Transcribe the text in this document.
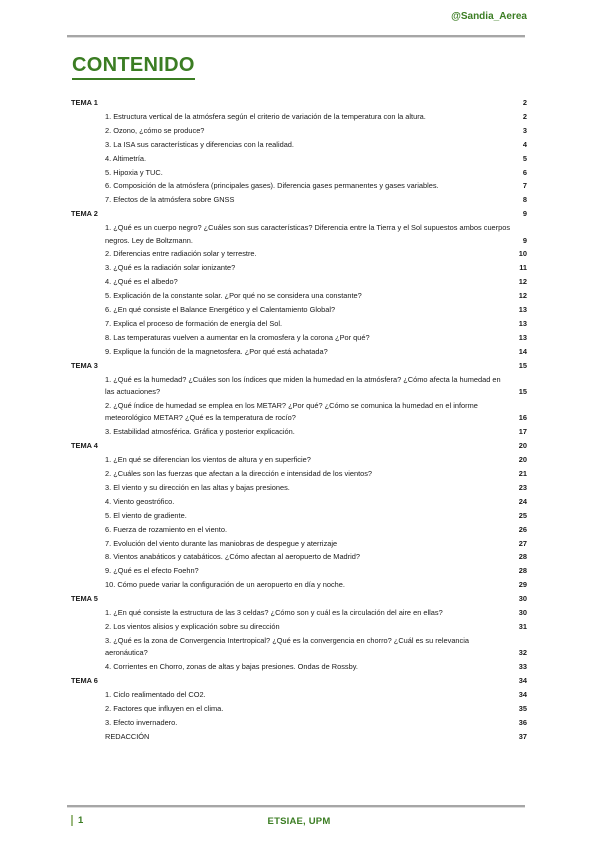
@Sandia_Aerea
CONTENIDO
TEMA 1	2
1. Estructura vertical de la atmósfera según el criterio de variación de la temperatura con la altura.	2
2. Ozono, ¿cómo se produce?	3
3. La ISA sus características y diferencias con la realidad.	4
4. Altimetría.	5
5. Hipoxia y TUC.	6
6. Composición de la atmósfera (principales gases). Diferencia gases permanentes y gases variables.	7
7. Efectos de la atmósfera sobre GNSS	8
TEMA 2	9
1. ¿Qué es un cuerpo negro? ¿Cuáles son sus características? Diferencia entre la Tierra y el Sol supuestos ambos cuerpos negros. Ley de Boltzmann.	9
2. Diferencias entre radiación solar y terrestre.	10
3. ¿Qué es la radiación solar ionizante?	11
4. ¿Qué es el albedo?	12
5. Explicación de la constante solar. ¿Por qué no se considera una constante?	12
6. ¿En qué consiste el Balance Energético y el Calentamiento Global?	13
7. Explica el proceso de formación de energía del Sol.	13
8. Las temperaturas vuelven a aumentar en la cromosfera y la corona ¿Por qué?	13
9. Explique la función de la magnetosfera. ¿Por qué está achatada?	14
TEMA 3	15
1. ¿Qué es la humedad? ¿Cuáles son los índices que miden la humedad en la atmósfera? ¿Cómo afecta la humedad en las actuaciones?	15
2. ¿Qué índice de humedad se emplea en los METAR? ¿Por qué? ¿Cómo se comunica la humedad en el informe meteorológico METAR? ¿Qué es la temperatura de rocío?	16
3. Estabilidad atmosférica. Gráfica y posterior explicación.	17
TEMA 4	20
1. ¿En qué se diferencian los vientos de altura y en superficie?	20
2. ¿Cuáles son las fuerzas que afectan a la dirección e intensidad de los vientos?	21
3. El viento y su dirección en las altas y bajas presiones.	23
4. Viento geostrófico.	24
5. El viento de gradiente.	25
6. Fuerza de rozamiento en el viento.	26
7. Evolución del viento durante las maniobras de despegue y aterrizaje	27
8. Vientos anabáticos y catabáticos. ¿Cómo afectan al aeropuerto de Madrid?	28
9. ¿Qué es el efecto Foehn?	28
10. Cómo puede variar la configuración de un aeropuerto en día y noche.	29
TEMA 5	30
1. ¿En qué consiste la estructura de las 3 celdas? ¿Cómo son y cuál es la circulación del aire en ellas?	30
2. Los vientos alisios y explicación sobre su dirección	31
3. ¿Qué es la zona de Convergencia Intertropical? ¿Qué es la convergencia en chorro? ¿Cuál es su relevancia aeronáutica?	32
4. Corrientes en Chorro, zonas de altas y bajas presiones. Ondas de Rossby.	33
TEMA 6	34
1. Ciclo realimentado del CO2.	34
2. Factores que influyen en el clima.	35
3. Efecto invernadero.	36
REDACCIÓN	37
1	ETSIAE, UPM
